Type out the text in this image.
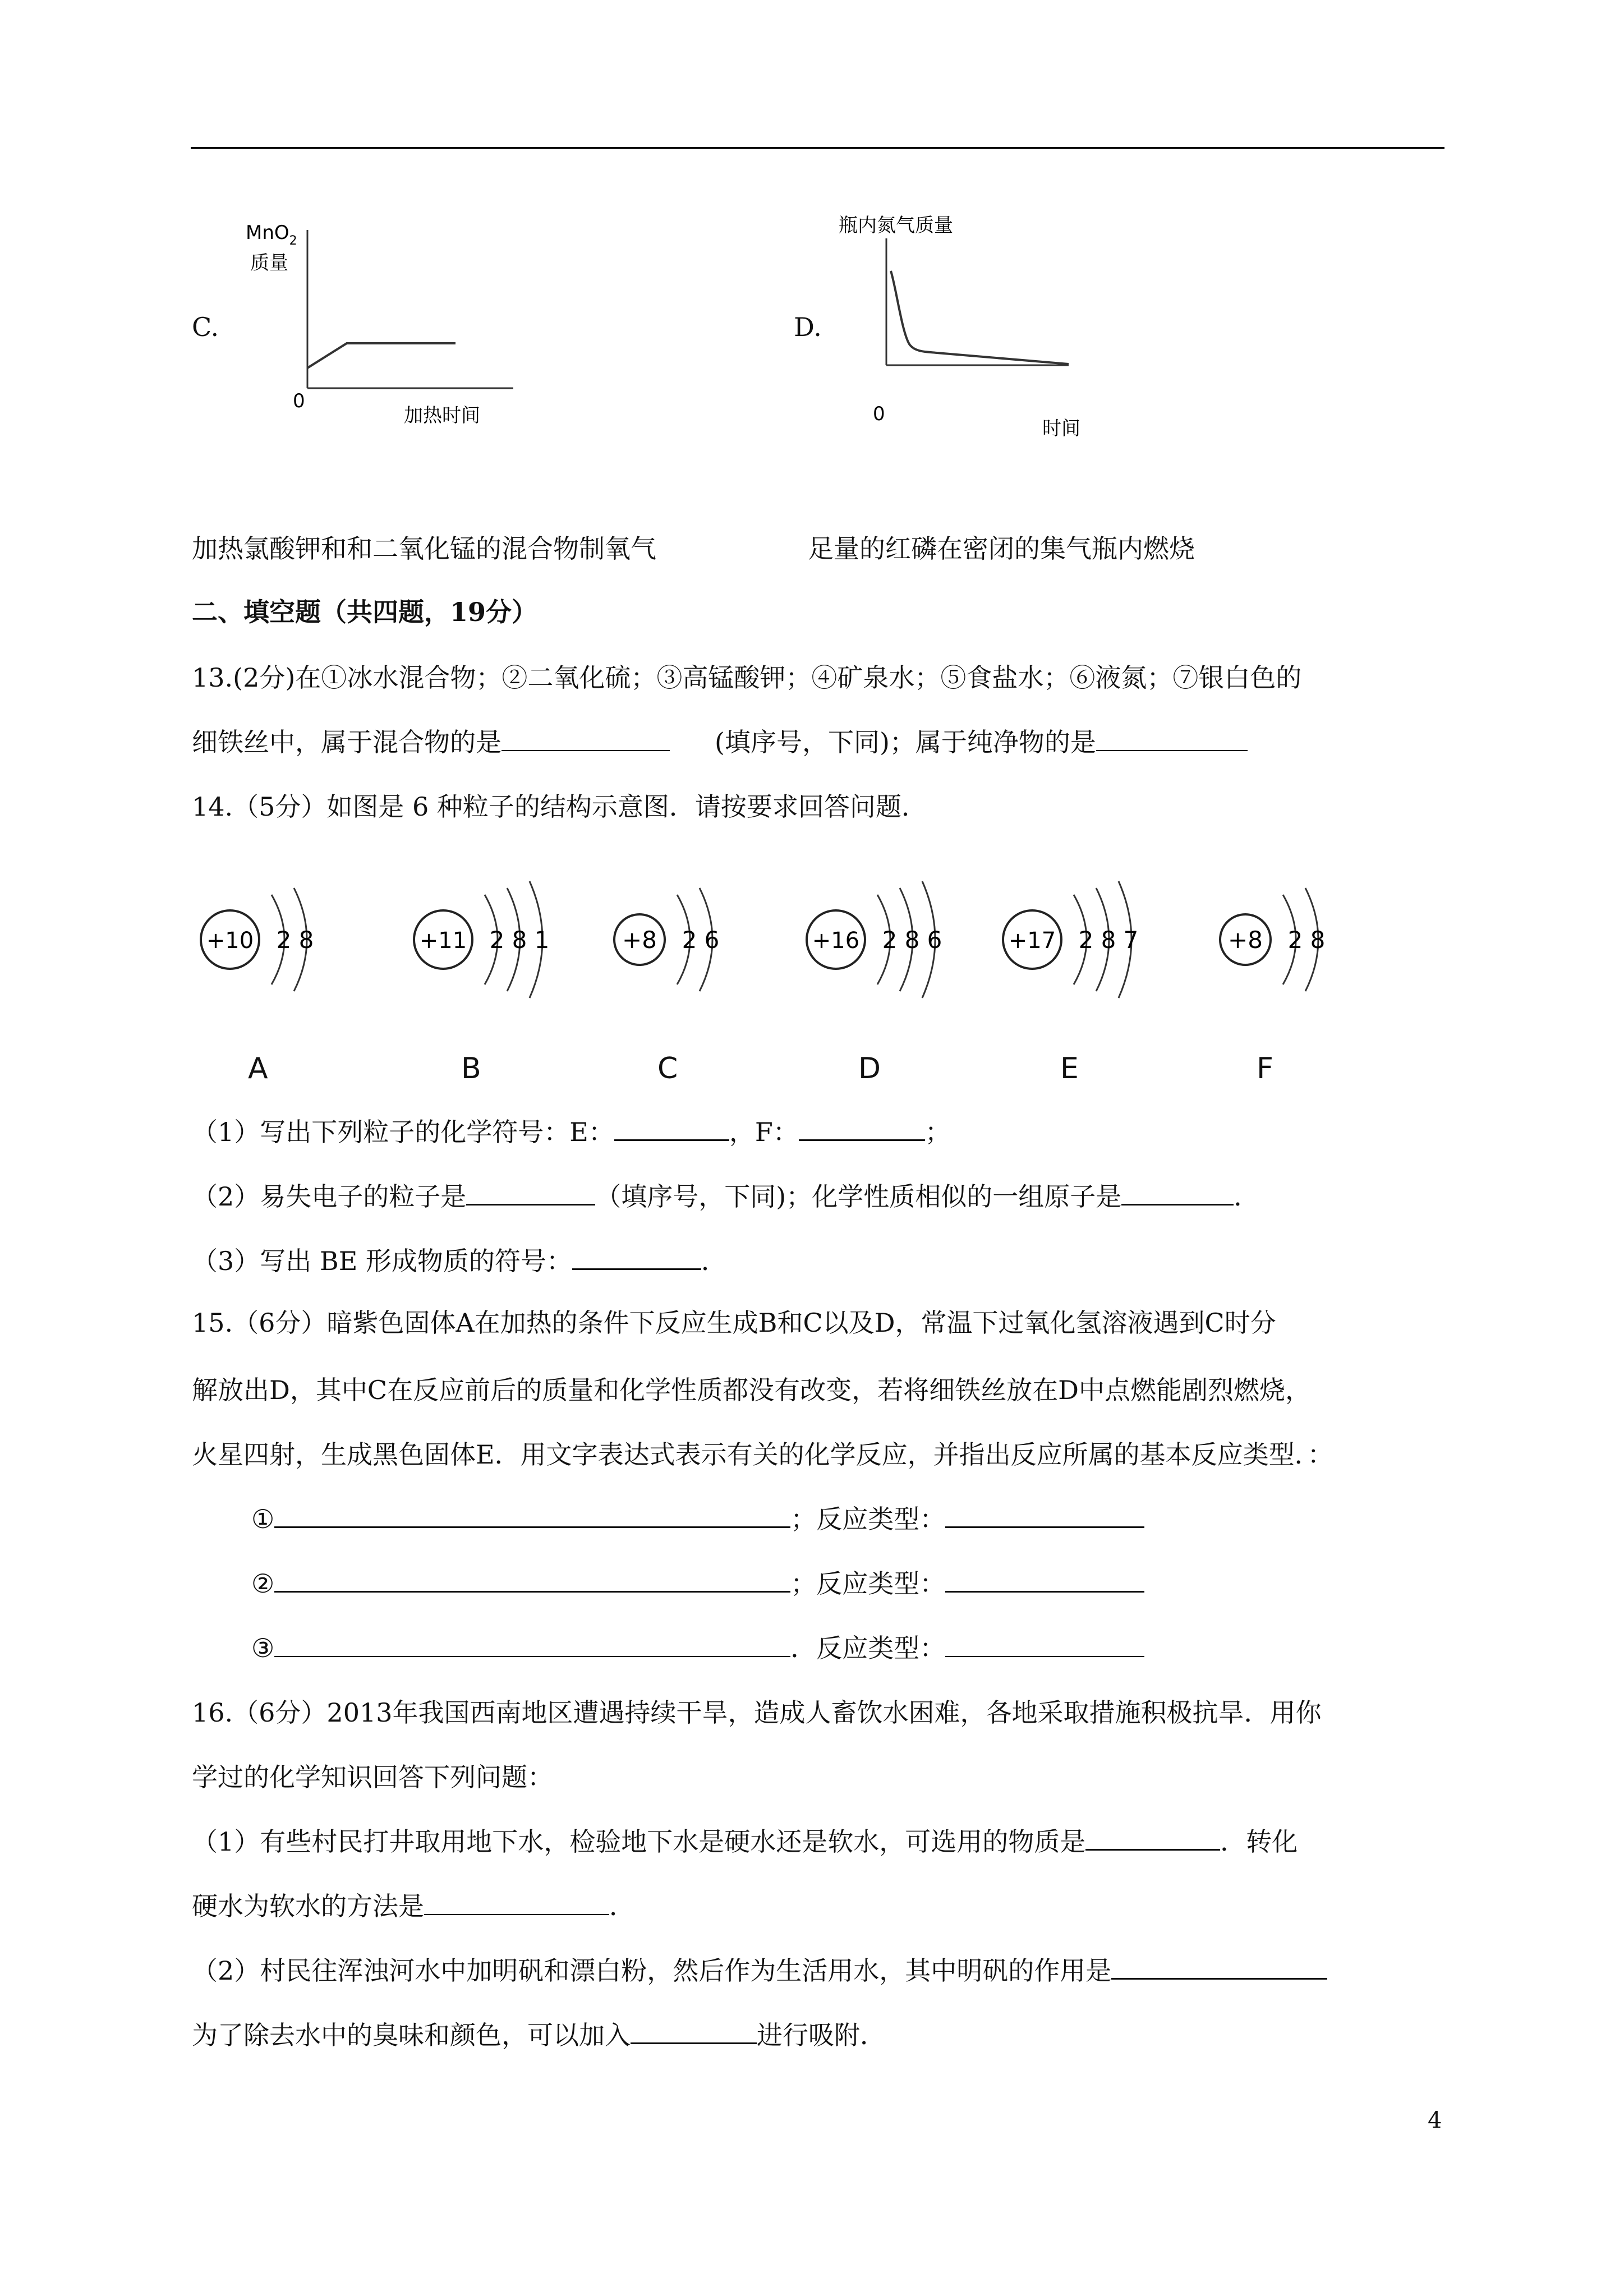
C.
MnO$_2$
质量
0
加热时间
D.
瓶内氮气质量
0
时间
加热氯酸钾和和二氧化锰的混合物制氧气	足量的红磷在密闭的集气瓶内燃烧
二、填空题（共四题，19分）
13.(2分)在①冰水混合物；②二氧化硫；③高锰酸钾；④矿泉水；⑤食盐水；⑥液氮；⑦银白色的
细铁丝中，属于混合物的是	(填序号，下同)；属于纯净物的是
14.（5分）如图是 6 种粒子的结构示意图．请按要求回答问题．
+10 2 8
A
+11 2 8 1
B
+8 2 6
C
+16 2 8 6
D
+17 2 8 7
E
+8 2 8
F
（1）写出下列粒子的化学符号：E：	，F：	；
（2）易失电子的粒子是	（填序号，下同)；化学性质相似的一组原子是	．
（3）写出 BE 形成物质的符号：	．
15.（6分）暗紫色固体A在加热的条件下反应生成B和C以及D，常温下过氧化氢溶液遇到C时分
解放出D，其中C在反应前后的质量和化学性质都没有改变，若将细铁丝放在D中点燃能剧烈燃烧，
火星四射，生成黑色固体E．用文字表达式表示有关的化学反应，并指出反应所属的基本反应类型．：
①	；反应类型：
②	；反应类型：
③	．反应类型：
16.（6分）2013年我国西南地区遭遇持续干旱，造成人畜饮水困难，各地采取措施积极抗旱．用你
学过的化学知识回答下列问题：
（1）有些村民打井取用地下水，检验地下水是硬水还是软水，可选用的物质是	．转化
硬水为软水的方法是	．
（2）村民往浑浊河水中加明矾和漂白粉，然后作为生活用水，其中明矾的作用是
为了除去水中的臭味和颜色，可以加入	进行吸附．
4
